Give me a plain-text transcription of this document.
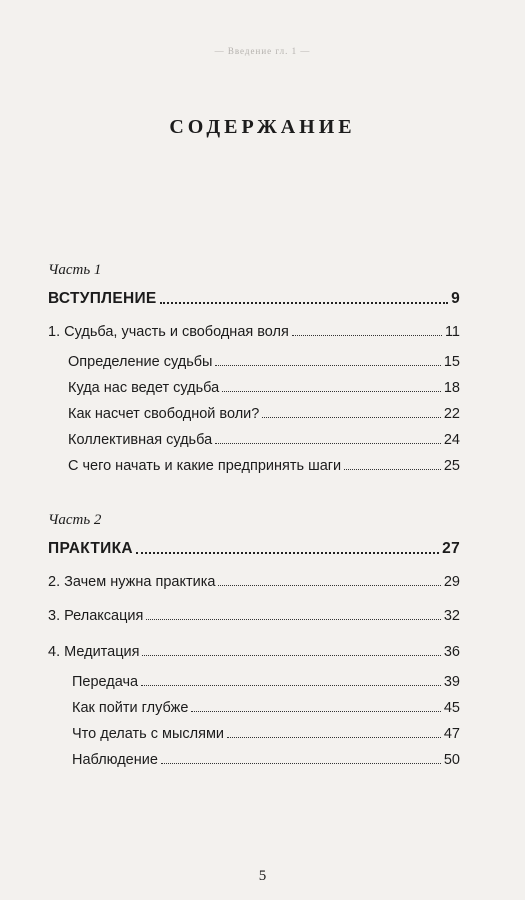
— Введение гл. 1 —
СОДЕРЖАНИЕ
Часть 1
ВСТУПЛЕНИЕ	9
1. Судьба, участь и свободная воля	11
Определение судьбы	15
Куда нас ведет судьба	18
Как насчет свободной воли?	22
Коллективная судьба	24
С чего начать и какие предпринять шаги	25
Часть 2
ПРАКТИКА	27
2. Зачем нужна практика	29
3. Релаксация	32
4. Медитация	36
Передача	39
Как пойти глубже	45
Что делать с мыслями	47
Наблюдение	50
5
